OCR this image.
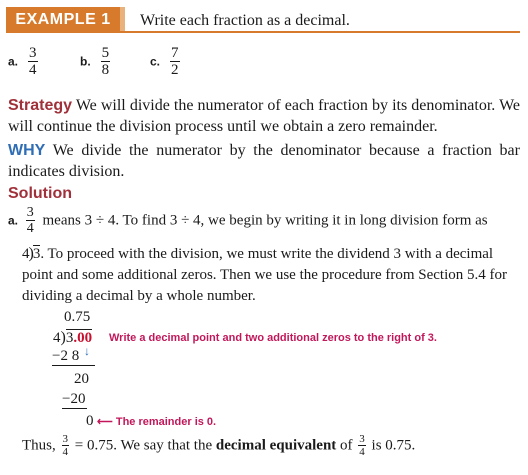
EXAMPLE 1	Write each fraction as a decimal.
a. $\frac{3}{4}$	b. $\frac{5}{8}$	c. $\frac{7}{2}$
Strategy We will divide the numerator of each fraction by its denominator. We will continue the division process until we obtain a zero remainder.
WHY We divide the numerator by the denominator because a fraction bar indicates division.
Solution
a. $\frac{3}{4}$ means 3 ÷ 4. To find 3 ÷ 4, we begin by writing it in long division form as
4)3. To proceed with the division, we must write the dividend 3 with a decimal point and some additional zeros. Then we use the procedure from Section 5.4 for dividing a decimal by a whole number.
0.75
4)3.00
↓
−2 8
20
−20
0
Write a decimal point and two additional zeros to the right of 3.
⟵ The remainder is 0.
Thus, $\frac{3}{4} = 0.75$. We say that the decimal equivalent of $\frac{3}{4}$ is 0.75.
